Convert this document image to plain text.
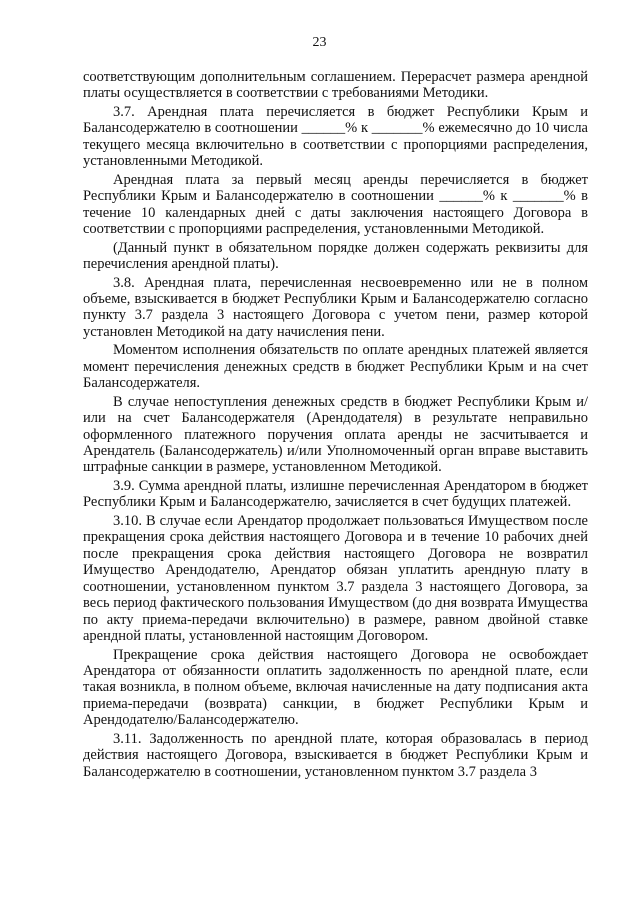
23

соответствующим дополнительным соглашением. Перерасчет размера арендной платы осуществляется в соответствии с требованиями Методики.

3.7. Арендная плата перечисляется в бюджет Республики Крым и Балансодержателю в соотношении ______% к _______% ежемесячно до 10 числа текущего месяца включительно в соответствии с пропорциями распределения, установленными Методикой.

Арендная плата за первый месяц аренды перечисляется в бюджет Республики Крым и Балансодержателю в соотношении ______% к _______% в течение 10 календарных дней с даты заключения настоящего Договора в соответствии с пропорциями распределения, установленными Методикой.

(Данный пункт в обязательном порядке должен содержать реквизиты для перечисления арендной платы).

3.8. Арендная плата, перечисленная несвоевременно или не в полном объеме, взыскивается в бюджет Республики Крым и Балансодержателю согласно пункту 3.7 раздела 3 настоящего Договора с учетом пени, размер которой установлен Методикой на дату начисления пени.

Моментом исполнения обязательств по оплате арендных платежей является момент перечисления денежных средств в бюджет Республики Крым и на счет Балансодержателя.

В случае непоступления денежных средств в бюджет Республики Крым и/или на счет Балансодержателя (Арендодателя) в результате неправильно оформленного платежного поручения оплата аренды не засчитывается и Арендатель (Балансодержатель) и/или Уполномоченный орган вправе выставить штрафные санкции в размере, установленном Методикой.

3.9. Сумма арендной платы, излишне перечисленная Арендатором в бюджет Республики Крым и Балансодержателю, зачисляется в счет будущих платежей.

3.10. В случае если Арендатор продолжает пользоваться Имуществом после прекращения срока действия настоящего Договора и в течение 10 рабочих дней после прекращения срока действия настоящего Договора не возвратил Имущество Арендодателю, Арендатор обязан уплатить арендную плату в соотношении, установленном пунктом 3.7 раздела 3 настоящего Договора, за весь период фактического пользования Имуществом (до дня возврата Имущества по акту приема-передачи включительно) в размере, равном двойной ставке арендной платы, установленной настоящим Договором.

Прекращение срока действия настоящего Договора не освобождает Арендатора от обязанности оплатить задолженность по арендной плате, если такая возникла, в полном объеме, включая начисленные на дату подписания акта приема-передачи (возврата) санкции, в бюджет Республики Крым и Арендодателю/Балансодержателю.

3.11. Задолженность по арендной плате, которая образовалась в период действия настоящего Договора, взыскивается в бюджет Республики Крым и Балансодержателю в соотношении, установленном пунктом 3.7 раздела 3
